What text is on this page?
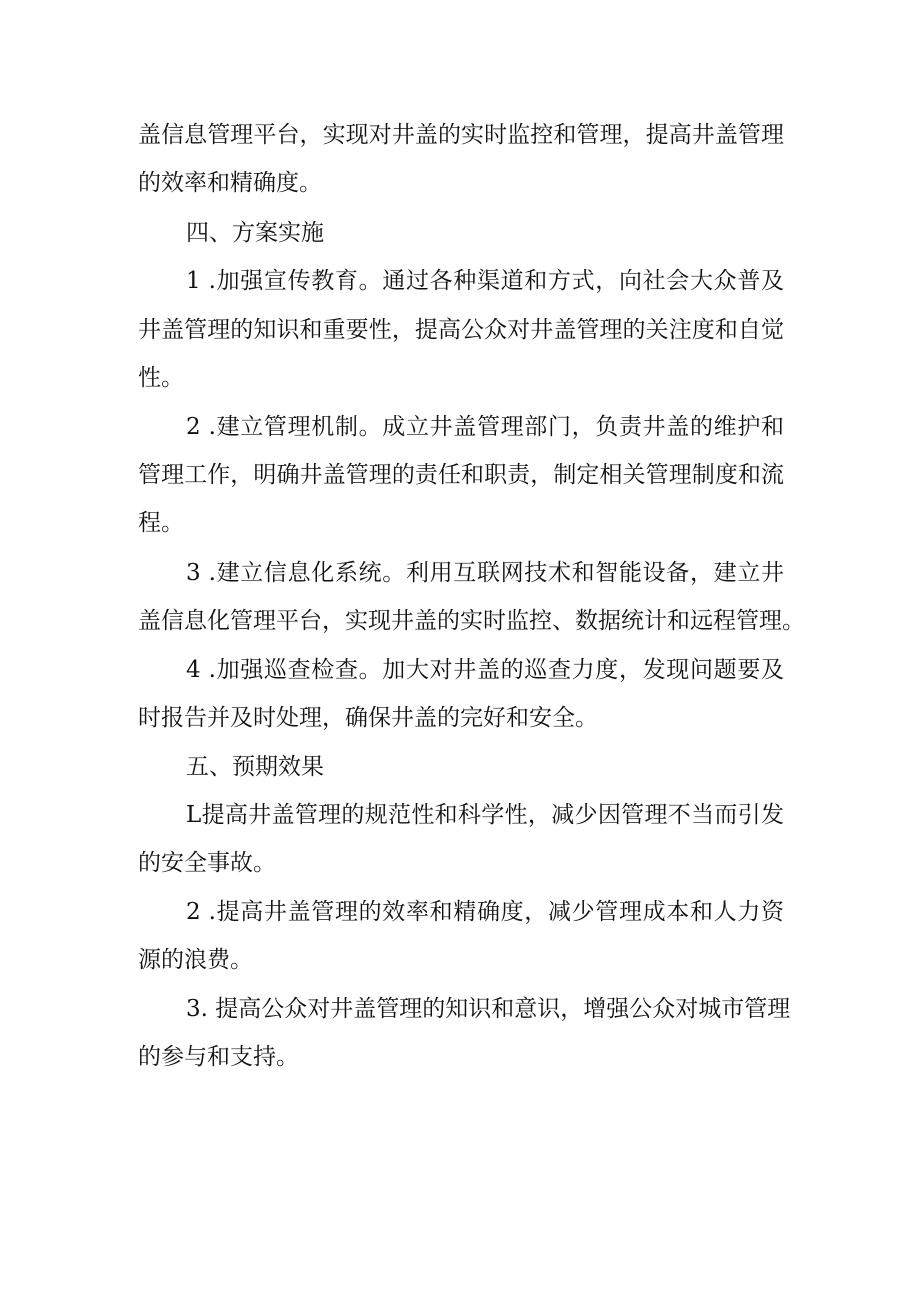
盖信息管理平台，实现对井盖的实时监控和管理，提高井盖管理
的效率和精确度。
四、方案实施
1 .加强宣传教育。通过各种渠道和方式，向社会大众普及
井盖管理的知识和重要性，提高公众对井盖管理的关注度和自觉
性。
2 .建立管理机制。成立井盖管理部门，负责井盖的维护和
管理工作，明确井盖管理的责任和职责，制定相关管理制度和流
程。
3 .建立信息化系统。利用互联网技术和智能设备，建立井
盖信息化管理平台，实现井盖的实时监控、数据统计和远程管理。
4 .加强巡查检查。加大对井盖的巡查力度，发现问题要及
时报告并及时处理，确保井盖的完好和安全。
五、预期效果
L提高井盖管理的规范性和科学性，减少因管理不当而引发
的安全事故。
2 .提高井盖管理的效率和精确度，减少管理成本和人力资
源的浪费。
3. 提高公众对井盖管理的知识和意识，增强公众对城市管理
的参与和支持。
